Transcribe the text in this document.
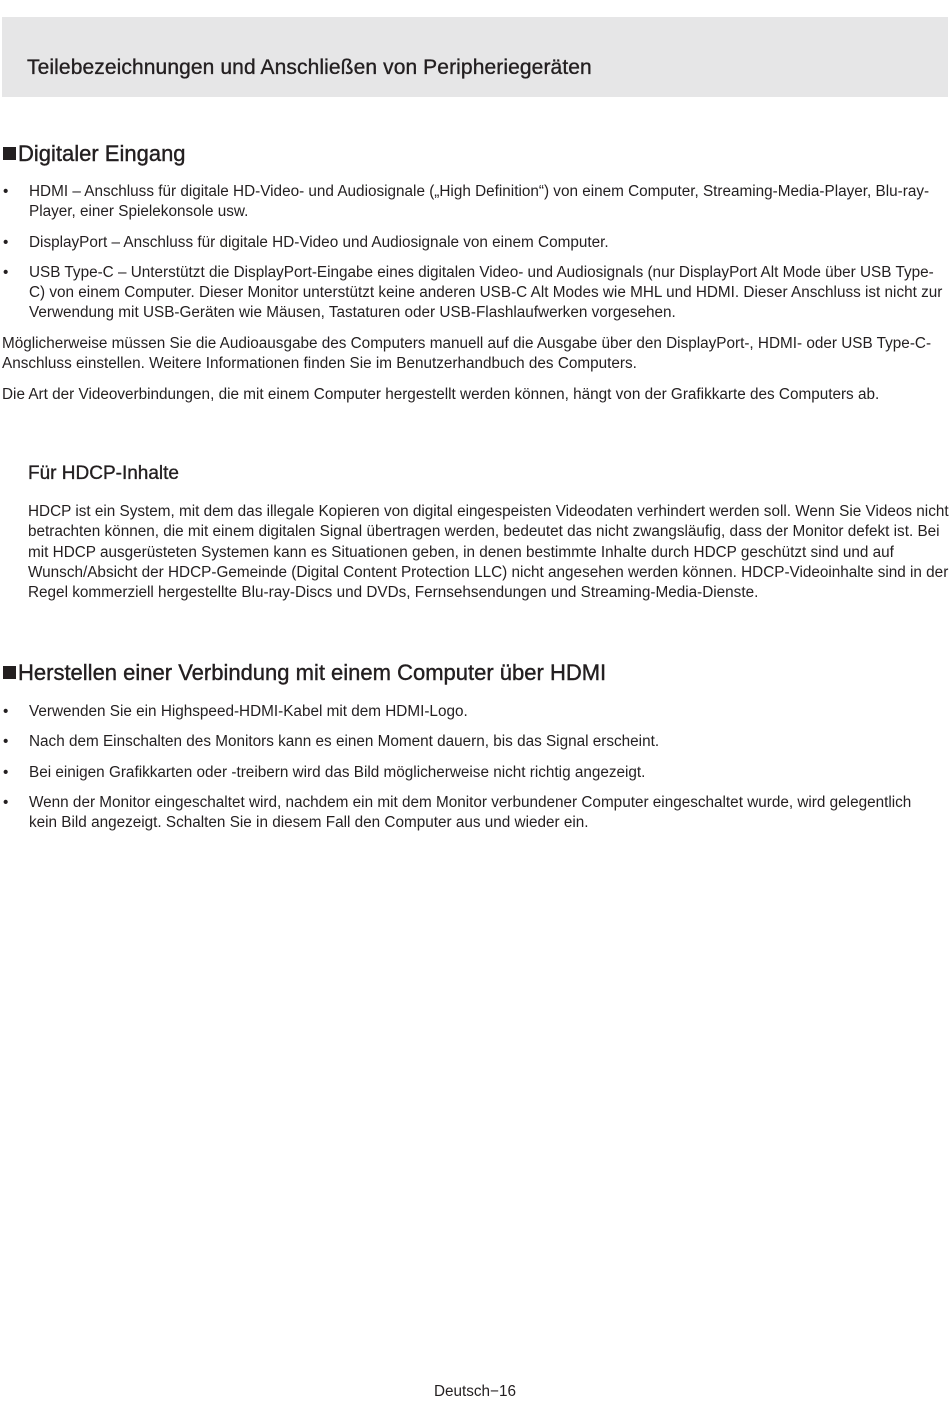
Teilebezeichnungen und Anschließen von Peripheriegeräten
Digitaler Eingang
• HDMI – Anschluss für digitale HD-Video- und Audiosignale („High Definition“) von einem Computer, Streaming-Media-Player, Blu-ray-Player, einer Spielekonsole usw.
• DisplayPort – Anschluss für digitale HD-Video und Audiosignale von einem Computer.
• USB Type-C – Unterstützt die DisplayPort-Eingabe eines digitalen Video- und Audiosignals (nur DisplayPort Alt Mode über USB Type-C) von einem Computer. Dieser Monitor unterstützt keine anderen USB-C Alt Modes wie MHL und HDMI. Dieser Anschluss ist nicht zur Verwendung mit USB-Geräten wie Mäusen, Tastaturen oder USB-Flashlaufwerken vorgesehen.

Möglicherweise müssen Sie die Audioausgabe des Computers manuell auf die Ausgabe über den DisplayPort-, HDMI- oder USB Type-C-Anschluss einstellen. Weitere Informationen finden Sie im Benutzerhandbuch des Computers.

Die Art der Videoverbindungen, die mit einem Computer hergestellt werden können, hängt von der Grafikkarte des Computers ab.

Für HDCP-Inhalte

HDCP ist ein System, mit dem das illegale Kopieren von digital eingespeisten Videodaten verhindert werden soll. Wenn Sie Videos nicht betrachten können, die mit einem digitalen Signal übertragen werden, bedeutet das nicht zwangsläufig, dass der Monitor defekt ist. Bei mit HDCP ausgerüsteten Systemen kann es Situationen geben, in denen bestimmte Inhalte durch HDCP geschützt sind und auf Wunsch/Absicht der HDCP-Gemeinde (Digital Content Protection LLC) nicht angesehen werden können. HDCP-Videoinhalte sind in der Regel kommerziell hergestellte Blu-ray-Discs und DVDs, Fernsehsendungen und Streaming-Media-Dienste.

Herstellen einer Verbindung mit einem Computer über HDMI
• Verwenden Sie ein Highspeed-HDMI-Kabel mit dem HDMI-Logo.
• Nach dem Einschalten des Monitors kann es einen Moment dauern, bis das Signal erscheint.
• Bei einigen Grafikkarten oder -treibern wird das Bild möglicherweise nicht richtig angezeigt.
• Wenn der Monitor eingeschaltet wird, nachdem ein mit dem Monitor verbundener Computer eingeschaltet wurde, wird gelegentlich kein Bild angezeigt. Schalten Sie in diesem Fall den Computer aus und wieder ein.
Deutsch−16
